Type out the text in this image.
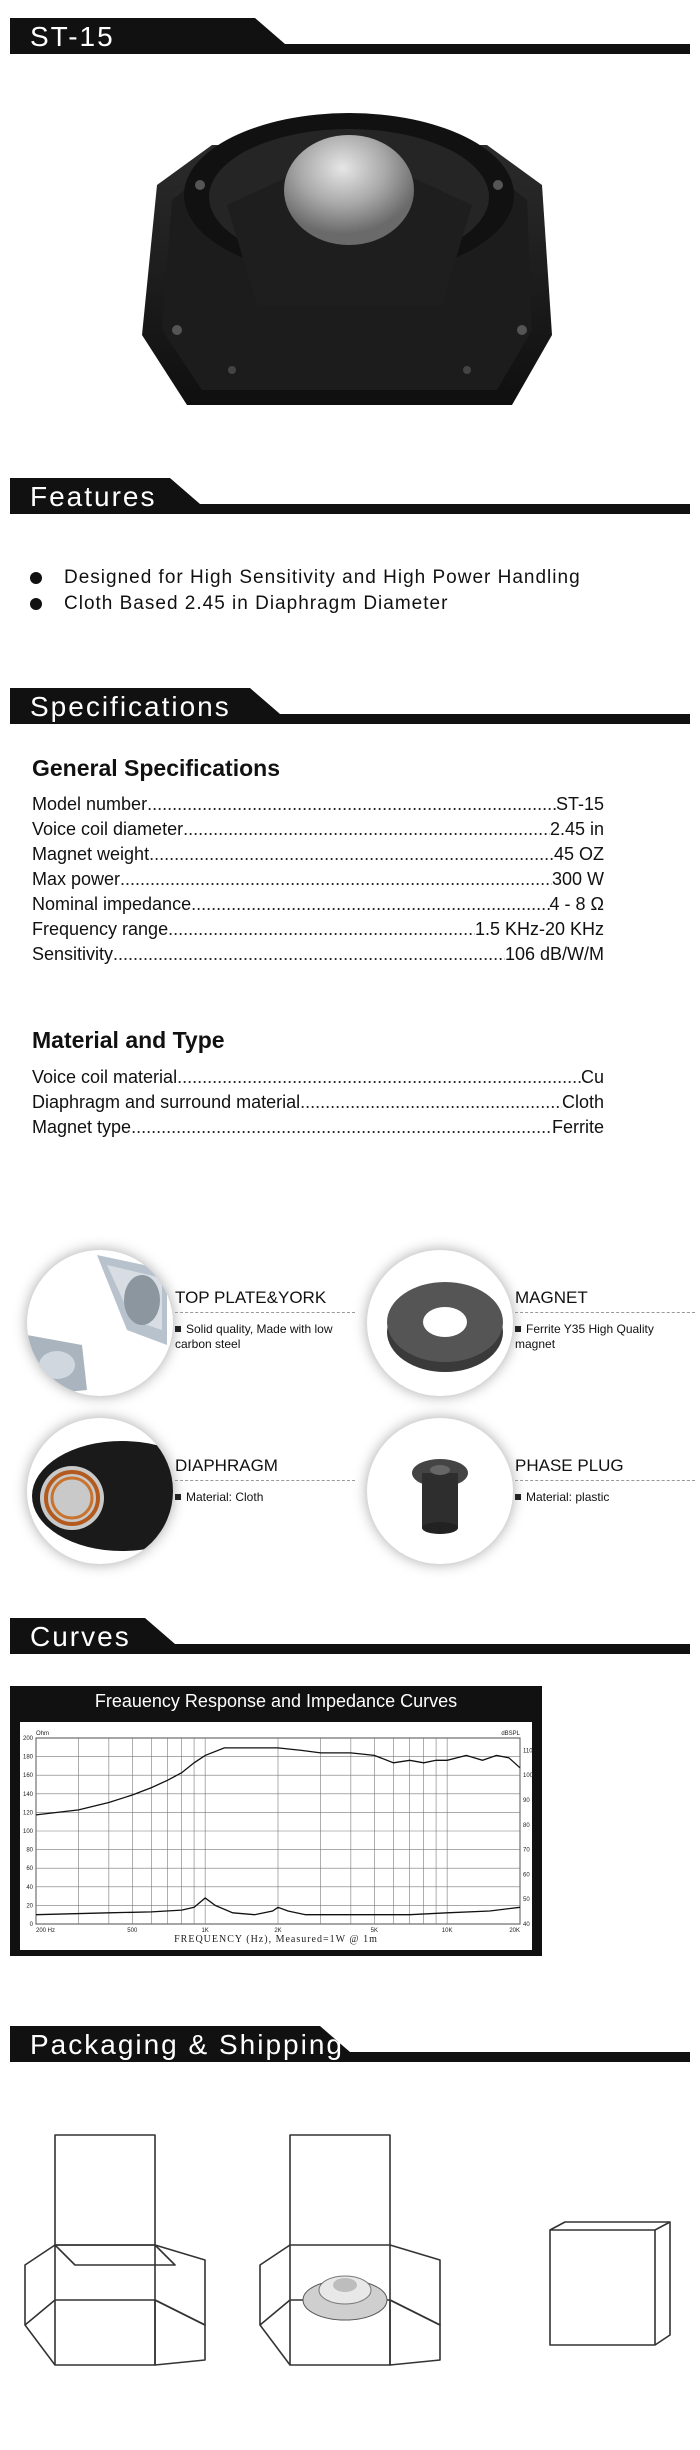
ST-15
Features
Designed for High Sensitivity and High Power Handling
Cloth Based 2.45 in Diaphragm Diameter
Specifications
General Specifications
Model number .....	ST-15
Voice coil diameter .....	2.45 in
Magnet weight .....	45 OZ
Max power .....	300 W
Nominal impedance .....	4 - 8 Ω
Frequency range .....	1.5 KHz-20 KHz
Sensitivity .....	106 dB/W/M
Material and Type
Voice coil material .....	Cu
Diaphragm and surround material .....	Cloth
Magnet type .....	Ferrite
TOP PLATE&YORK
Solid quality, Made with low carbon steel
MAGNET
Ferrite Y35 High Quality magnet
DIAPHRAGM
Material: Cloth
PHASE PLUG
Material: plastic
Curves
Freauency Response and Impedance Curves
0
20
40
60
80
100
120
140
160
180
200
40
50
60
70
80
90
100
110
Ohm	dBSPL
200 Hz	500	1K	2K	5K	10K	20K
FREQUENCY (Hz), Measured=1W @ 1m
Packaging & Shipping
